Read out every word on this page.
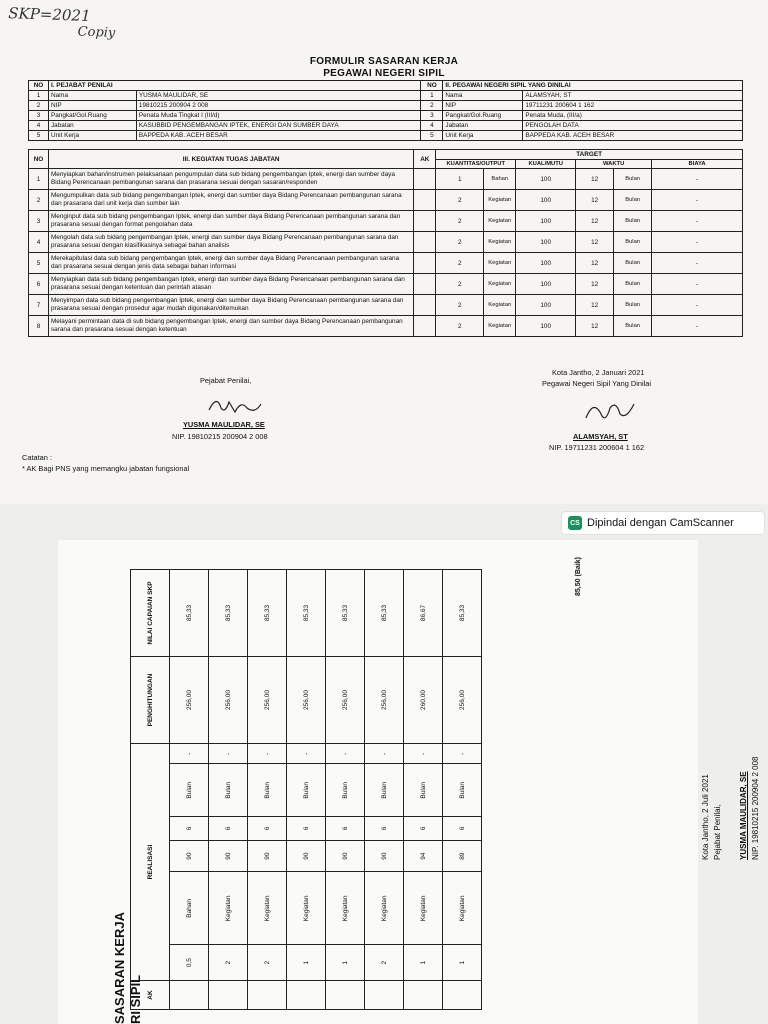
SKP=2021
Copiy
FORMULIR SASARAN KERJA
PEGAWAI NEGERI SIPIL
NO	I. PEJABAT PENILAI		NO	II. PEGAWAI NEGERI SIPIL YANG DINILAI	
1	Nama	YUSMA MAULIDAR, SE	1	Nama	ALAMSYAH, ST
2	NIP	19810215 200904 2 008	2	NIP	19711231 200604 1 162
3	Pangkat/Gol.Ruang	Penata Muda Tingkat I (III/d)	3	Pangkat/Gol.Ruang	Penata Muda, (III/a)
4	Jabatan	KASUBBID PENGEMBANGAN IPTEK, ENERGI DAN SUMBER DAYA	4	Jabatan	PENGOLAH DATA
5	Unit Kerja	BAPPEDA KAB. ACEH BESAR	5	Unit Kerja	BAPPEDA KAB. ACEH BESAR
NO	III. KEGIATAN TUGAS JABATAN	AK	TARGET					
			KUANTITAS/OUTPUT		KUAL/MUTU	WAKTU		BIAYA
1	Menyiapkan bahan/instrumen pelaksanaan pengumpulan data sub bidang pengembangan Iptek, energi dan sumber daya Bidang Perencanaan pembangunan sarana dan prasarana sesuai dengan sasaran/responden		1	Bahan	100	12	Bulan	-
2	Mengumpulkan data sub bidang pengembangan Iptek, energi dan sumber daya Bidang Perencanaan pembangunan sarana dan prasarana dari unit kerja dan sumber lain		2	Kegiatan	100	12	Bulan	-
3	Menginput data sub bidang pengembangan Iptek, energi dan sumber daya Bidang Perencanaan pembangunan sarana dan prasarana sesuai dengan format pengolahan data		2	Kegiatan	100	12	Bulan	-
4	Mengolah data sub bidang pengembangan Iptek, energi dan sumber daya Bidang Perencanaan pembangunan sarana dan prasarana sesuai dengan klasifikasinya sebagai bahan analisis		2	Kegiatan	100	12	Bulan	-
5	Merekapitulasi data sub bidang pengembangan Iptek, energi dan sumber daya Bidang Perencanaan pembangunan sarana dan prasarana sesuai dengan jenis data sebagai bahan informasi		2	Kegiatan	100	12	Bulan	-
6	Menyiapkan data sub bidang pengembangan Iptek, energi dan sumber daya Bidang Perencanaan pembangunan sarana dan prasarana sesuai dengan ketentuan dan perintah atasan		2	Kegiatan	100	12	Bulan	-
7	Menyimpan data sub bidang pengembangan Iptek, energi dan sumber daya Bidang Perencanaan pembangunan sarana dan prasarana sesuai dengan prosedur agar mudah digunakan/ditemukan		2	Kegiatan	100	12	Bulan	-
8	Melayani permintaan data di sub bidang pengembangan Iptek, energi dan sumber daya Bidang Perencanaan pembangunan sarana dan prasarana sesuai dengan ketentuan		2	Kegiatan	100	12	Bulan	-
Pejabat Penilai,
YUSMA MAULIDAR, SE
NIP. 19810215 200904 2 008
Kota Jantho, 2 Januari 2021
Pegawai Negeri Sipil Yang Dinilai
ALAMSYAH, ST
NIP. 19711231 200604 1 162
Catatan :
* AK Bagi PNS yang memangku jabatan fungsional
CS Dipindai dengan CamScanner
SASARAN KERJA RI SIPIL AK	REALISASI						PENGHITUNGAN	NILAI CAPAIAN SKP
	0,5	Bahan	90	6	Bulan	-	256,00	85,33
	2	Kegiatan	90	6	Bulan	-	256,00	85,33
	2	Kegiatan	90	6	Bulan	-	256,00	85,33
	1	Kegiatan	90	6	Bulan	-	256,00	85,33
	1	Kegiatan	90	6	Bulan	-	256,00	85,33
	2	Kegiatan	90	6	Bulan	-	256,00	85,33
	1	Kegiatan	94	6	Bulan	-	260,00	86,67
	1	Kegiatan	89	6	Bulan	-	256,00	85,33
85,50 (Baik)
Kota Jantho, 2 Juli 2021 Pejabat Penilai, YUSMA MAULIDAR, SE NIP. 19810215 200904 2 008
